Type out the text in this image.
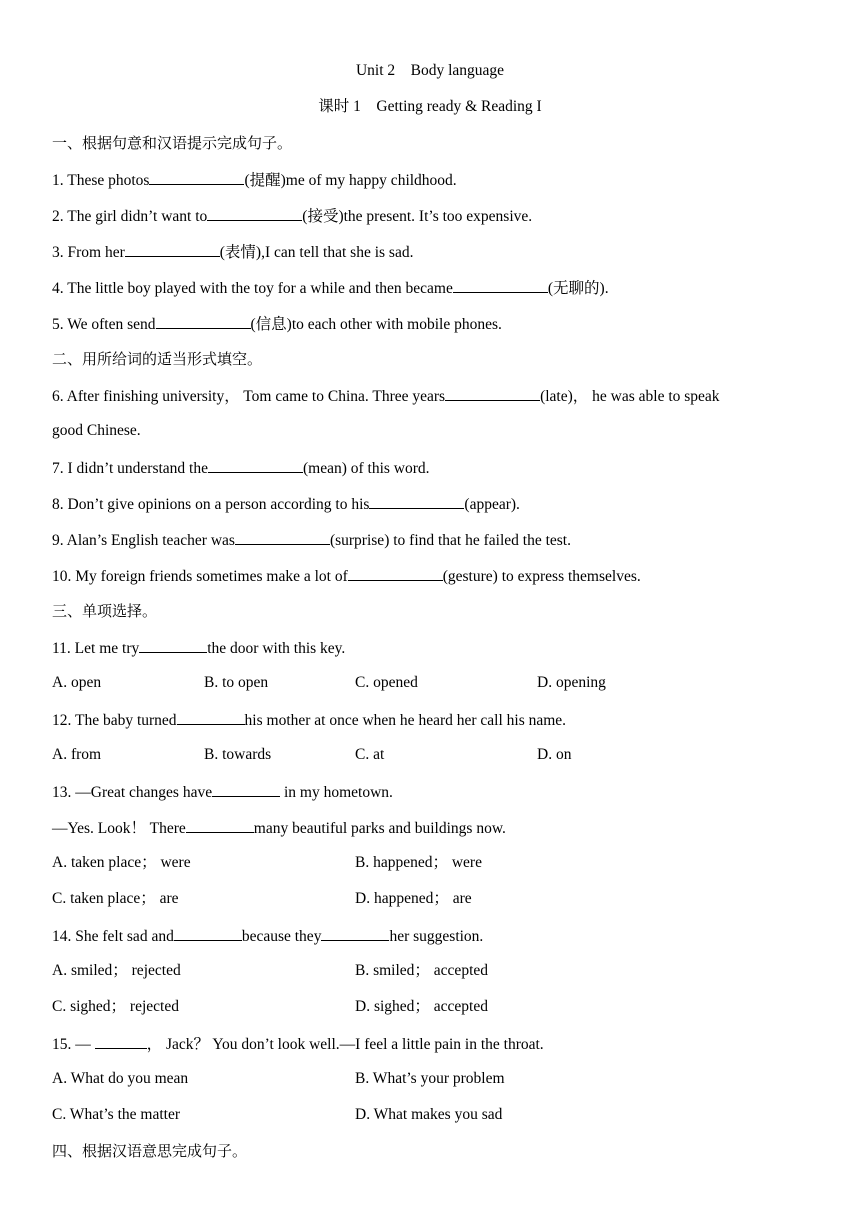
Unit 2　Body language
课时 1　Getting ready & Reading I
一、根据句意和汉语提示完成句子。
1. These photos	(提醒)me of my happy childhood.
2. The girl didn’t want to	(接受)the present. It’s too expensive.
3. From her	(表情),I can tell that she is sad.
4. The little boy played with the toy for a while and then became	(无聊的).
5. We often send	(信息)to each other with mobile phones.
二、用所给词的适当形式填空。
6. After finishing university， Tom came to China. Three years	(late)， he was able to speak
good Chinese.
7. I didn’t understand the	(mean) of this word.
8. Don’t give opinions on a person according to his	(appear).
9. Alan’s English teacher was	(surprise) to find that he failed the test.
10. My foreign friends sometimes make a lot of	(gesture) to express themselves.
三、单项选择。
11. Let me try	the door with this key.
A. open	B. to open	C. opened	D. opening
12. The baby turned	his mother at once when he heard her call his name.
A. from	B. towards	C. at	D. on
13. —Great changes have	in my hometown.
—Yes. Look！ There	many beautiful parks and buildings now.
A. taken place； were	B. happened； were
C. taken place； are	D. happened； are
14. She felt sad and	because they	her suggestion.
A. smiled； rejected	B. smiled； accepted
C. sighed； rejected	D. sighed； accepted
15. —	， Jack？ You don’t look well.—I feel a little pain in the throat.
A. What do you mean	B. What’s your problem
C. What’s the matter	D. What makes you sad
四、根据汉语意思完成句子。
